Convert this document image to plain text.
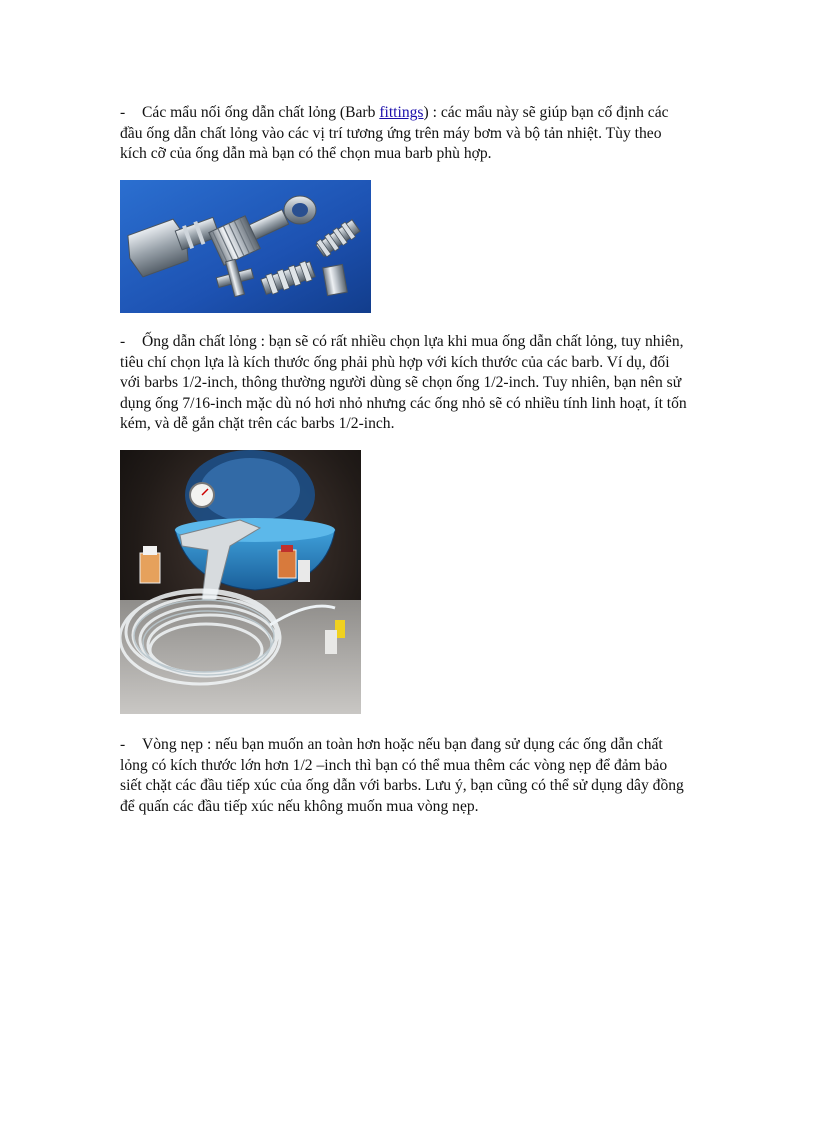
- Các mẩu nối ống dẫn chất lỏng (Barb fittings) : các mẩu này sẽ giúp bạn cố định các đầu ống dẫn chất lỏng vào các vị trí tương ứng trên máy bơm và bộ tản nhiệt. Tùy theo kích cỡ của ống dẫn mà bạn có thể chọn mua barb phù hợp.

- Ống dẫn chất lỏng : bạn sẽ có rất nhiều chọn lựa khi mua ống dẫn chất lỏng, tuy nhiên, tiêu chí chọn lựa là kích thước ống phải phù hợp với kích thước của các barb. Ví dụ, đối với barbs 1/2-inch, thông thường người dùng sẽ chọn ống 1/2-inch. Tuy nhiên, bạn nên sử dụng ống 7/16-inch mặc dù nó hơi nhỏ nhưng các ống nhỏ sẽ có nhiều tính linh hoạt, ít tốn kém, và dễ gắn chặt trên các barbs 1/2-inch.

- Vòng nẹp : nếu bạn muốn an toàn hơn hoặc nếu bạn đang sử dụng các ống dẫn chất lỏng có kích thước lớn hơn 1/2 –inch thì bạn có thể mua thêm các vòng nẹp để đảm bảo siết chặt các đầu tiếp xúc của ống dẫn với barbs. Lưu ý, bạn cũng có thể sử dụng dây đồng để quấn các đầu tiếp xúc nếu không muốn mua vòng nẹp.
